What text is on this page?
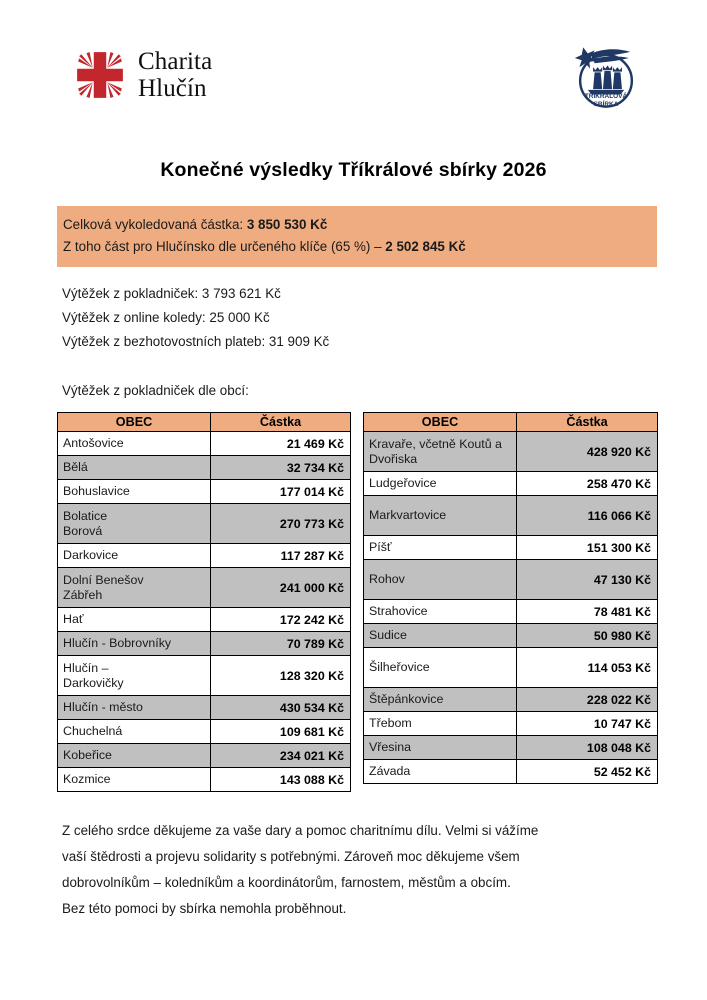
Charita
Hlučín	TŘÍKRÁLOVÁ
SBÍRKA
Konečné výsledky Tříkrálové sbírky 2026
Celková vykoledovaná částka: 3 850 530 Kč
Z toho část pro Hlučínsko dle určeného klíče (65 %) – 2 502 845 Kč
Výtěžek z pokladniček: 3 793 621 Kč
Výtěžek z online koledy: 25 000 Kč
Výtěžek z bezhotovostních plateb: 31 909 Kč
Výtěžek z pokladniček dle obcí:
OBEC	Částka
Antošovice	21 469 Kč
Bělá	32 734 Kč
Bohuslavice	177 014 Kč
Bolatice
Borová	270 773 Kč
Darkovice	117 287 Kč
Dolní Benešov
Zábřeh	241 000 Kč
Hať	172 242 Kč
Hlučín - Bobrovníky	70 789 Kč
Hlučín –
Darkovičky	128 320 Kč
Hlučín - město	430 534 Kč
Chuchelná	109 681 Kč
Kobeřice	234 021 Kč
Kozmice	143 088 Kč
OBEC	Částka
Kravaře, včetně Koutů a Dvořiska	428 920 Kč
Ludgeřovice	258 470 Kč
Markvartovice	116 066 Kč
Píšť	151 300 Kč
Rohov	47 130 Kč
Strahovice	78 481 Kč
Sudice	50 980 Kč
Šilheřovice	114 053 Kč
Štěpánkovice	228 022 Kč
Třebom	10 747 Kč
Vřesina	108 048 Kč
Závada	52 452 Kč
Z celého srdce děkujeme za vaše dary a pomoc charitnímu dílu. Velmi si vážíme
vaší štědrosti a projevu solidarity s potřebnými. Zároveň moc děkujeme všem
dobrovolníkům – koledníkům a koordinátorům, farnostem, městům a obcím.
Bez této pomoci by sbírka nemohla proběhnout.
